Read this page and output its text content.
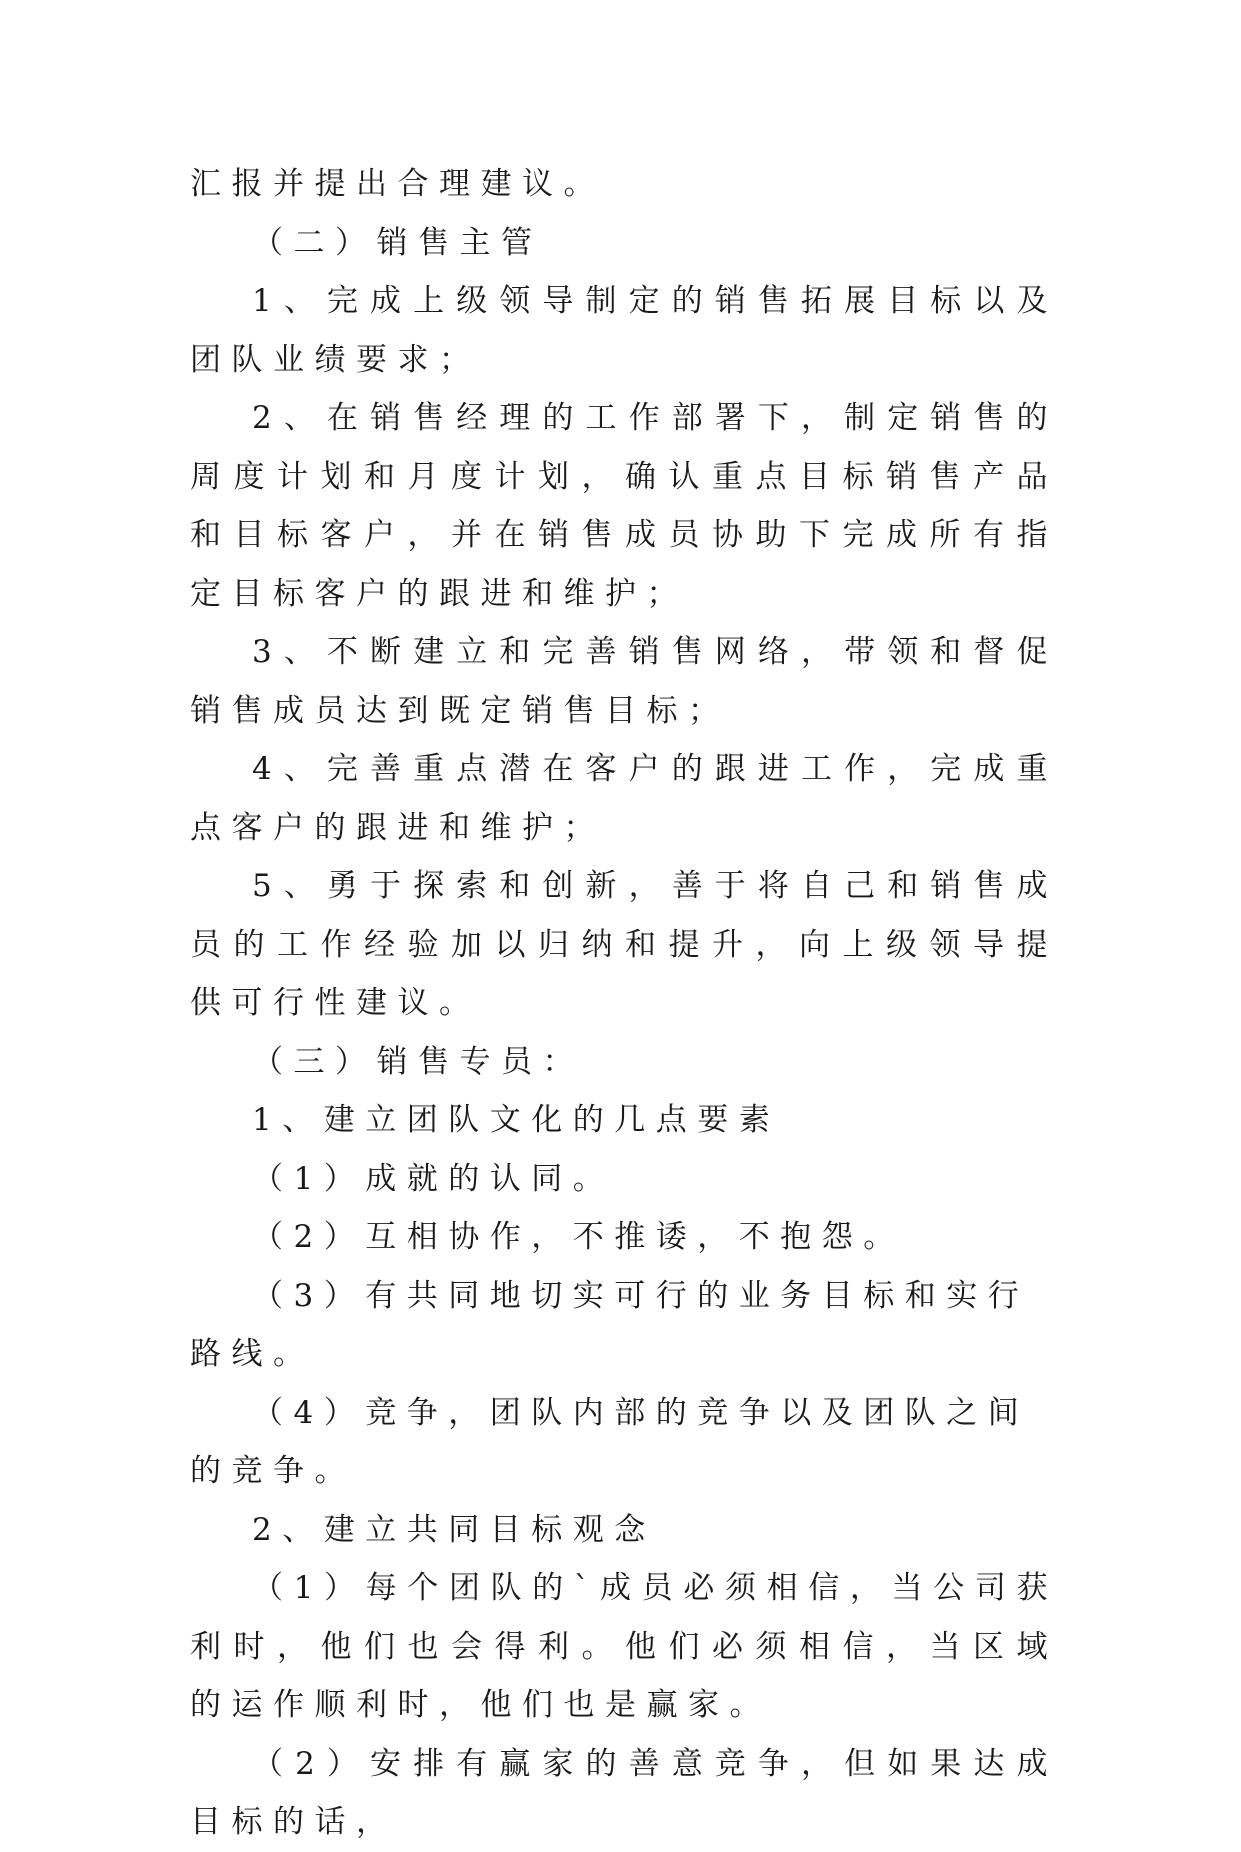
汇报并提出合理建议。

（二）销售主管

1、完成上级领导制定的销售拓展目标以及团队业绩要求；

2、在销售经理的工作部署下，制定销售的周度计划和月度计划，确认重点目标销售产品和目标客户，并在销售成员协助下完成所有指定目标客户的跟进和维护；

3、不断建立和完善销售网络，带领和督促销售成员达到既定销售目标；

4、完善重点潜在客户的跟进工作，完成重点客户的跟进和维护；

5、勇于探索和创新，善于将自己和销售成员的工作经验加以归纳和提升，向上级领导提供可行性建议。

（三）销售专员：

1、建立团队文化的几点要素

（1）成就的认同。

（2）互相协作，不推诿，不抱怨。

（3）有共同地切实可行的业务目标和实行路线。

（4）竞争，团队内部的竞争以及团队之间的竞争。

2、建立共同目标观念

（1）每个团队的`成员必须相信，当公司获利时，他们也会得利。他们必须相信，当区域的运作顺利时，他们也是赢家。

（2）安排有赢家的善意竞争，但如果达成目标的话，
